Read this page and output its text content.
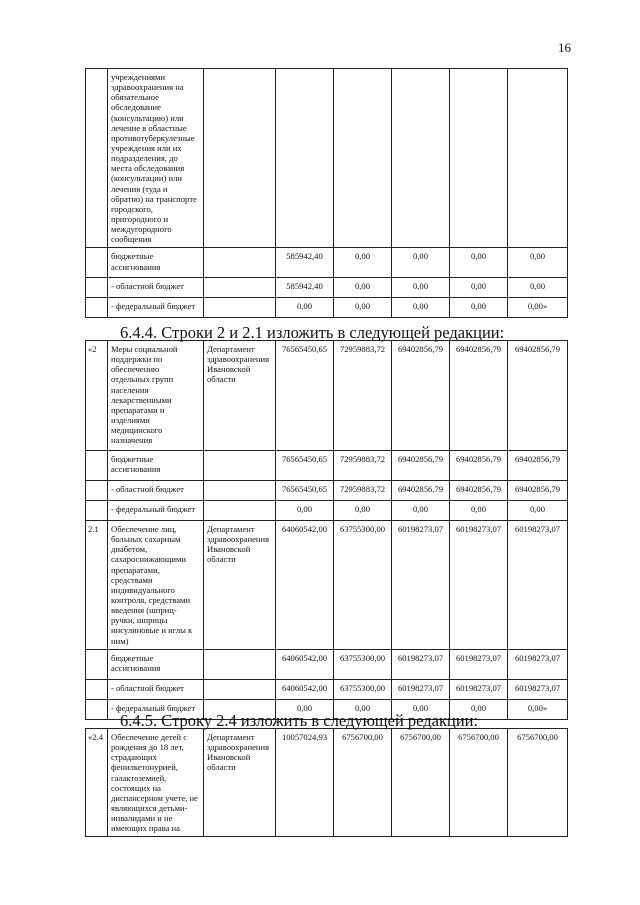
16
	учреждениями здравоохранения на обязательное обследование (консультацию) или лечение в областные противотуберкулезные учреждения или их подразделения, до места обследования (консультации) или лечения (туда и обратно) на транспорте городского, пригородного и междугородного сообщения						
	бюджетные ассигнования		585942,40	0,00	0,00	0,00	0,00
	- областной бюджет		585942,40	0,00	0,00	0,00	0,00
	- федеральный бюджет		0,00	0,00	0,00	0,00	0,00»
6.4.4. Строки 2 и 2.1 изложить в следующей редакции:
«2	Меры социальной поддержки по обеспечению отдельных групп населения лекарственными препаратами и изделиями медицинского назначения	Департамент здравоохранения Ивановской области	76565450,65	72959883,72	69402856,79	69402856,79	69402856,79
	бюджетные ассигнования		76565450,65	72959883,72	69402856,79	69402856,79	69402856,79
	- областной бюджет		76565450,65	72959883,72	69402856,79	69402856,79	69402856,79
	- федеральный бюджет		0,00	0,00	0,00	0,00	0,00
2.1	Обеспечение лиц, больных сахарным диабетом, сахароснижающими препаратами, средствами индивидуального контроля, средствами введения (шприц-ручки, шприцы инсулиновые и иглы к ним)	Департамент здравоохранения Ивановской области	64060542,00	63755300,00	60198273,07	60198273,07	60198273,07
	бюджетные ассигнования		64060542,00	63755300,00	60198273,07	60198273,07	60198273,07
	- областной бюджет		64060542,00	63755300,00	60198273,07	60198273,07	60198273,07
	- федеральный бюджет		0,00	0,00	0,00	0,00	0,00»
6.4.5. Строку 2.4 изложить в следующей редакции:
«2.4	Обеспечение детей с рождения до 18 лет, страдающих фенилкетонурией, галактоземией, состоящих на диспансерном учете, не являющихся детьми-инвалидами и не имеющих права на	Департамент здравоохранения Ивановской области	10057024,93	6756700,00	6756700,00	6756700,00	6756700,00
